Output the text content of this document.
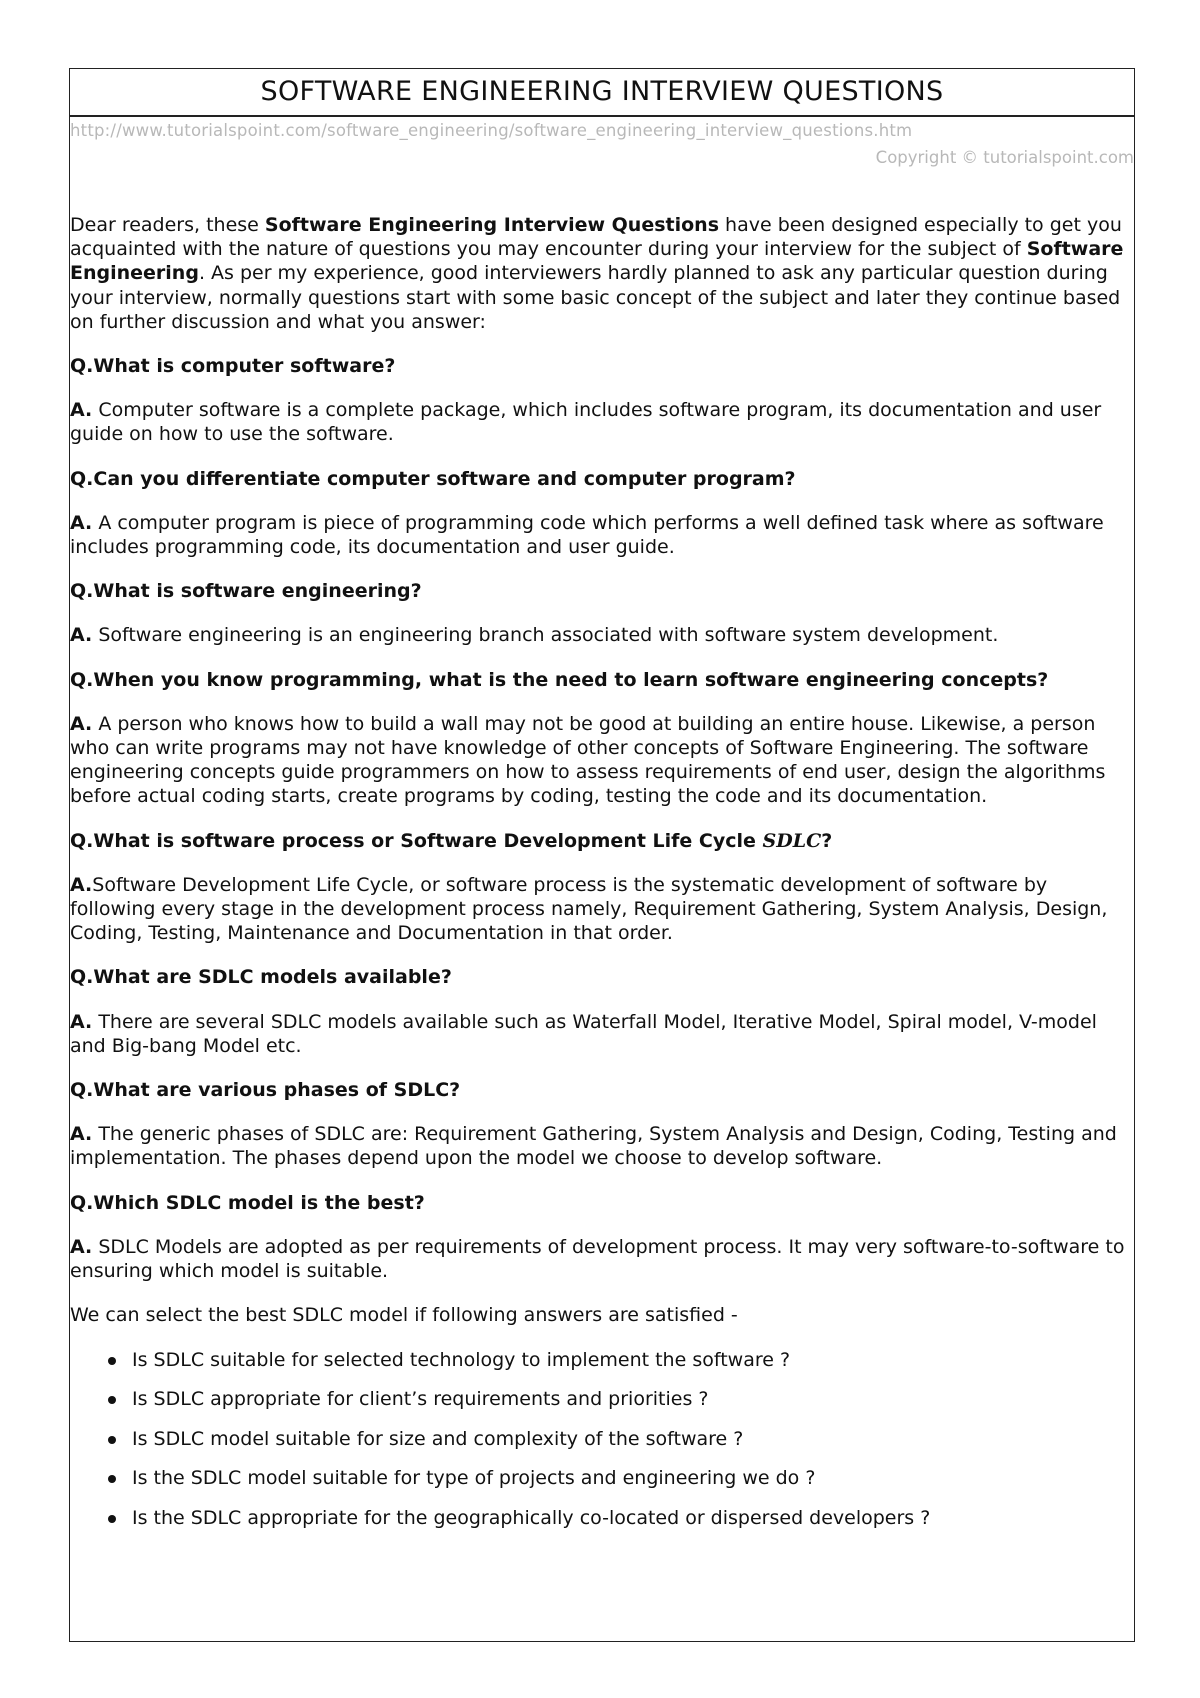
SOFTWARE ENGINEERING INTERVIEW QUESTIONS
http://www.tutorialspoint.com/software_engineering/software_engineering_interview_questions.htm
Copyright © tutorialspoint.com

Dear readers, these Software Engineering Interview Questions have been designed especially to get you acquainted with the nature of questions you may encounter during your interview for the subject of Software Engineering. As per my experience, good interviewers hardly planned to ask any particular question during your interview, normally questions start with some basic concept of the subject and later they continue based on further discussion and what you answer:

Q.What is computer software?

A. Computer software is a complete package, which includes software program, its documentation and user guide on how to use the software.

Q.Can you differentiate computer software and computer program?

A. A computer program is piece of programming code which performs a well defined task where as software includes programming code, its documentation and user guide.

Q.What is software engineering?

A. Software engineering is an engineering branch associated with software system development.

Q.When you know programming, what is the need to learn software engineering concepts?

A. A person who knows how to build a wall may not be good at building an entire house. Likewise, a person who can write programs may not have knowledge of other concepts of Software Engineering. The software engineering concepts guide programmers on how to assess requirements of end user, design the algorithms before actual coding starts, create programs by coding, testing the code and its documentation.

Q.What is software process or Software Development Life Cycle SDLC?

A.Software Development Life Cycle, or software process is the systematic development of software by following every stage in the development process namely, Requirement Gathering, System Analysis, Design, Coding, Testing, Maintenance and Documentation in that order.

Q.What are SDLC models available?

A. There are several SDLC models available such as Waterfall Model, Iterative Model, Spiral model, V-model and Big-bang Model etc.

Q.What are various phases of SDLC?

A. The generic phases of SDLC are: Requirement Gathering, System Analysis and Design, Coding, Testing and implementation. The phases depend upon the model we choose to develop software.

Q.Which SDLC model is the best?

A. SDLC Models are adopted as per requirements of development process. It may very software-to-software to ensuring which model is suitable.

We can select the best SDLC model if following answers are satisfied -

Is SDLC suitable for selected technology to implement the software ?
Is SDLC appropriate for client’s requirements and priorities ?
Is SDLC model suitable for size and complexity of the software ?
Is the SDLC model suitable for type of projects and engineering we do ?
Is the SDLC appropriate for the geographically co-located or dispersed developers ?
